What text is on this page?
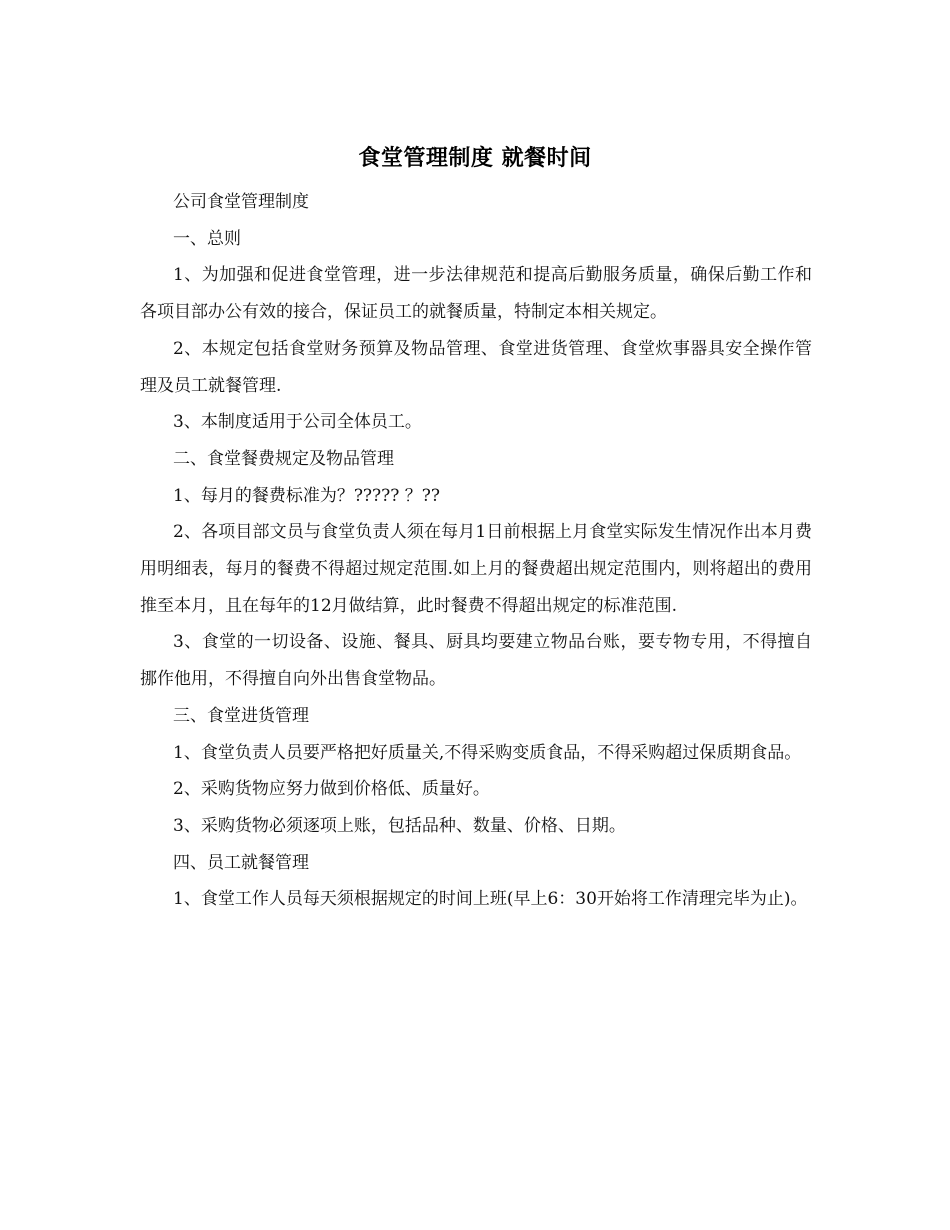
食堂管理制度 就餐时间

公司食堂管理制度

一、总则

1、为加强和促进食堂管理，进一步法律规范和提高后勤服务质量，确保后勤工作和各项目部办公有效的接合，保证员工的就餐质量，特制定本相关规定。

2、本规定包括食堂财务预算及物品管理、食堂进货管理、食堂炊事器具安全操作管理及员工就餐管理.

3、本制度适用于公司全体员工。

二、食堂餐费规定及物品管理

1、每月的餐费标准为？????? ？??

2、各项目部文员与食堂负责人须在每月1日前根据上月食堂实际发生情况作出本月费用明细表，每月的餐费不得超过规定范围.如上月的餐费超出规定范围内，则将超出的费用推至本月，且在每年的12月做结算，此时餐费不得超出规定的标准范围.

3、食堂的一切设备、设施、餐具、厨具均要建立物品台账，要专物专用，不得擅自挪作他用，不得擅自向外出售食堂物品。

三、食堂进货管理

1、食堂负责人员要严格把好质量关,不得采购变质食品，不得采购超过保质期食品。

2、采购货物应努力做到价格低、质量好。

3、采购货物必须逐项上账，包括品种、数量、价格、日期。

四、员工就餐管理

1、食堂工作人员每天须根据规定的时间上班(早上6：30开始将工作清理完毕为止)。
